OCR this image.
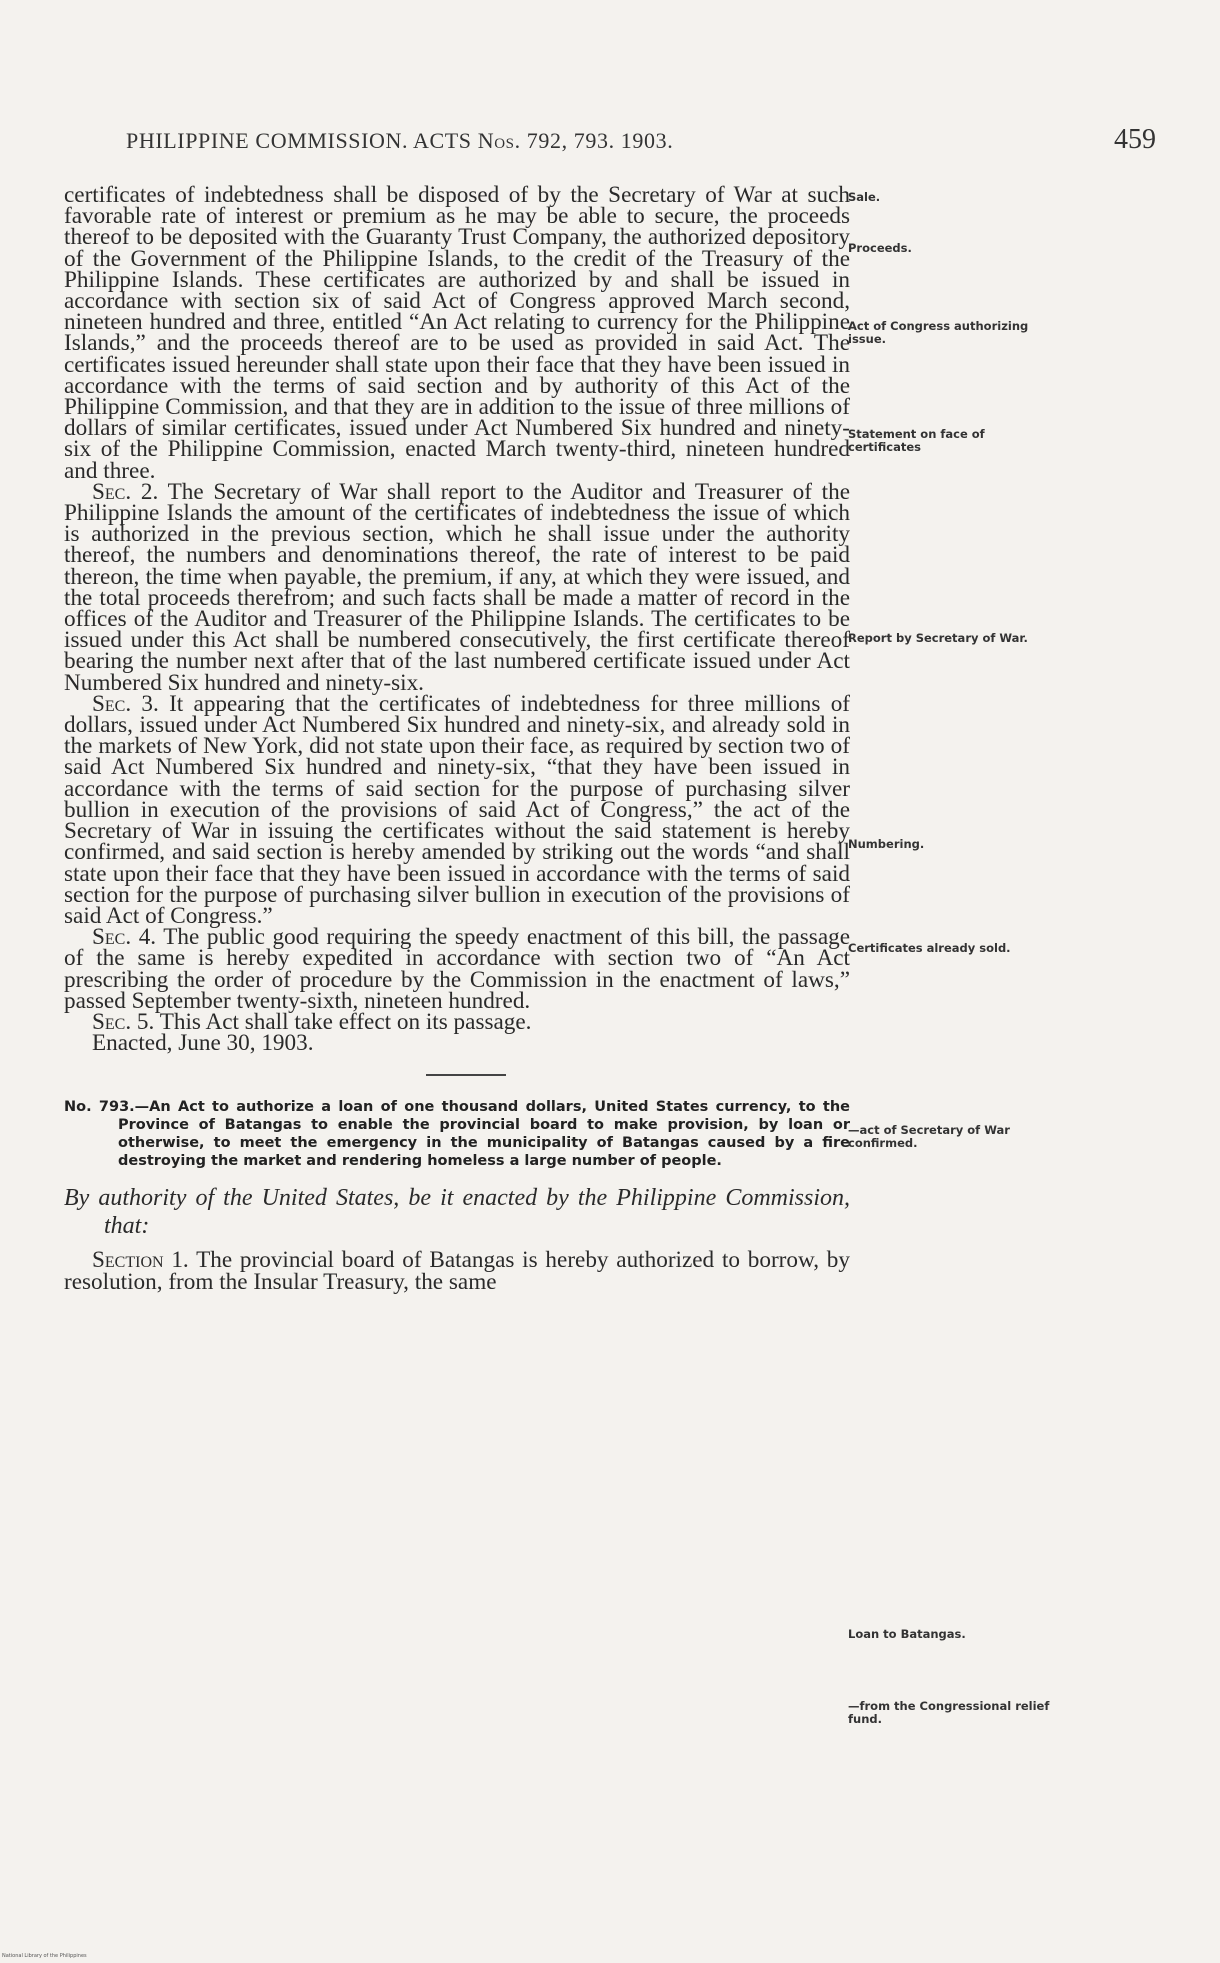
PHILIPPINE COMMISSION. ACTS Nos. 792, 793. 1903.	459

certificates of indebtedness shall be disposed of by the Secretary of War at such favorable rate of interest or premium as he may be able to secure, the proceeds thereof to be deposited with the Guaranty Trust Company, the authorized depository of the Government of the Philippine Islands, to the credit of the Treasury of the Philippine Islands. These certificates are authorized by and shall be issued in accordance with section six of said Act of Congress approved March second, nineteen hundred and three, entitled “An Act relating to currency for the Philippine Islands,” and the proceeds thereof are to be used as provided in said Act. The certificates issued hereunder shall state upon their face that they have been issued in accordance with the terms of said section and by authority of this Act of the Philippine Commission, and that they are in addition to the issue of three millions of dollars of similar certificates, issued under Act Numbered Six hundred and ninety-six of the Philippine Commission, enacted March twenty-third, nineteen hundred and three.

Sec. 2. The Secretary of War shall report to the Auditor and Treasurer of the Philippine Islands the amount of the certificates of indebtedness the issue of which is authorized in the previous section, which he shall issue under the authority thereof, the numbers and denominations thereof, the rate of interest to be paid thereon, the time when payable, the premium, if any, at which they were issued, and the total proceeds therefrom; and such facts shall be made a matter of record in the offices of the Auditor and Treasurer of the Philippine Islands. The certificates to be issued under this Act shall be numbered consecutively, the first certificate thereof bearing the number next after that of the last numbered certificate issued under Act Numbered Six hundred and ninety-six.

Sec. 3. It appearing that the certificates of indebtedness for three millions of dollars, issued under Act Numbered Six hundred and ninety-six, and already sold in the markets of New York, did not state upon their face, as required by section two of said Act Numbered Six hundred and ninety-six, “that they have been issued in accordance with the terms of said section for the purpose of purchasing silver bullion in execution of the provisions of said Act of Congress,” the act of the Secretary of War in issuing the certificates without the said statement is hereby confirmed, and said section is hereby amended by striking out the words “and shall state upon their face that they have been issued in accordance with the terms of said section for the purpose of purchasing silver bullion in execution of the provisions of said Act of Congress.”

Sec. 4. The public good requiring the speedy enactment of this bill, the passage of the same is hereby expedited in accordance with section two of “An Act prescribing the order of procedure by the Commission in the enactment of laws,” passed September twenty-sixth, nineteen hundred.

Sec. 5. This Act shall take effect on its passage.

Enacted, June 30, 1903.

No. 793.—An Act to authorize a loan of one thousand dollars, United States currency, to the Province of Batangas to enable the provincial board to make provision, by loan or otherwise, to meet the emergency in the municipality of Batangas caused by a fire destroying the market and rendering homeless a large number of people.

By authority of the United States, be it enacted by the Philippine Commission, that:

Section 1. The provincial board of Batangas is hereby authorized to borrow, by resolution, from the Insular Treasury, the same

Sale.
Proceeds.
Act of Congress authorizing issue.
Statement on face of certificates
Report by Secretary of War.
Numbering.
Certificates already sold.
—act of Secretary of War confirmed.
Loan to Batangas.
—from the Congressional relief fund.
National Library of the Philippines
